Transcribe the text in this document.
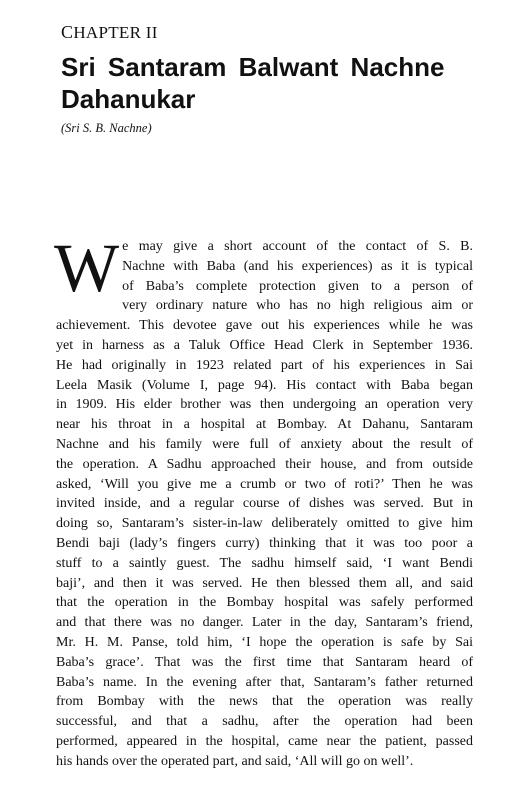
CHAPTER II
Sri Santaram Balwant Nachne Dahanukar

(Sri S. B. Nachne)

W e may give a short account of the contact of S. B.
Nachne with Baba (and his experiences) as it is typical
of Baba’s complete protection given to a person of
very ordinary nature who has no high religious aim or
achievement. This devotee gave out his experiences while he was
yet in harness as a Taluk Office Head Clerk in September 1936.
He had originally in 1923 related part of his experiences in Sai
Leela Masik (Volume I, page 94). His contact with Baba began
in 1909. His elder brother was then undergoing an operation very
near his throat in a hospital at Bombay. At Dahanu, Santaram
Nachne and his family were full of anxiety about the result of
the operation. A Sadhu approached their house, and from outside
asked, ‘Will you give me a crumb or two of roti?’ Then he was
invited inside, and a regular course of dishes was served. But in
doing so, Santaram’s sister-in-law deliberately omitted to give him
Bendi baji (lady’s fingers curry) thinking that it was too poor a
stuff to a saintly guest. The sadhu himself said, ‘I want Bendi
baji’, and then it was served. He then blessed them all, and said
that the operation in the Bombay hospital was safely performed
and that there was no danger. Later in the day, Santaram’s friend,
Mr. H. M. Panse, told him, ‘I hope the operation is safe by Sai
Baba’s grace’. That was the first time that Santaram heard of
Baba’s name. In the evening after that, Santaram’s father returned
from Bombay with the news that the operation was really
successful, and that a sadhu, after the operation had been
performed, appeared in the hospital, came near the patient, passed
his hands over the operated part, and said, ‘All will go on well’.
